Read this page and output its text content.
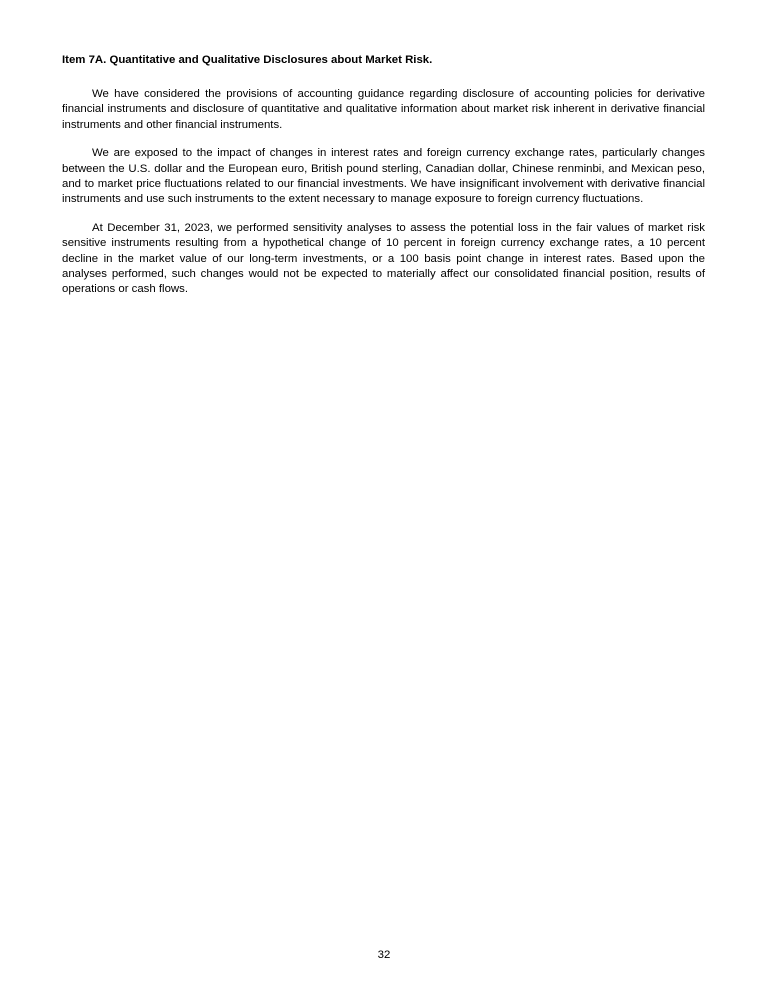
Item 7A. Quantitative and Qualitative Disclosures about Market Risk.

We have considered the provisions of accounting guidance regarding disclosure of accounting policies for derivative financial instruments and disclosure of quantitative and qualitative information about market risk inherent in derivative financial instruments and other financial instruments.

We are exposed to the impact of changes in interest rates and foreign currency exchange rates, particularly changes between the U.S. dollar and the European euro, British pound sterling, Canadian dollar, Chinese renminbi, and Mexican peso, and to market price fluctuations related to our financial investments. We have insignificant involvement with derivative financial instruments and use such instruments to the extent necessary to manage exposure to foreign currency fluctuations.

At December 31, 2023, we performed sensitivity analyses to assess the potential loss in the fair values of market risk sensitive instruments resulting from a hypothetical change of 10 percent in foreign currency exchange rates, a 10 percent decline in the market value of our long-term investments, or a 100 basis point change in interest rates. Based upon the analyses performed, such changes would not be expected to materially affect our consolidated financial position, results of operations or cash flows.

32
